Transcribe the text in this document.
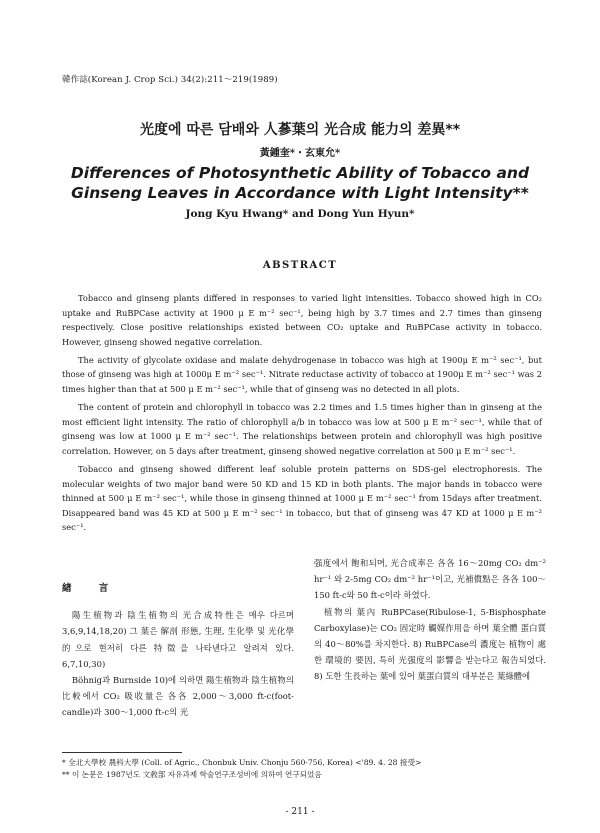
韓作誌(Korean J. Crop Sci.) 34(2):211～219(1989)
光度에 따른 담배와 人蔘葉의 光合成 能力의 差異**
黃鍾奎*・玄東允*
Differences of Photosynthetic Ability of Tobacco and
Ginseng Leaves in Accordance with Light Intensity**
Jong Kyu Hwang* and Dong Yun Hyun*
ABSTRACT

Tobacco and ginseng plants differed in responses to varied light intensities. Tobacco showed high in CO₂ uptake and RuBPCase activity at 1900 μ E m⁻² sec⁻¹, being high by 3.7 times and 2.7 times than ginseng respectively. Close positive relationships existed between CO₂ uptake and RuBPCase activity in tobacco. However, ginseng showed negative correlation.

The activity of glycolate oxidase and malate dehydrogenase in tobacco was high at 1900μ E m⁻² sec⁻¹, but those of ginseng was high at 1000μ E m⁻² sec⁻¹. Nitrate reductase activity of tobacco at 1900μ E m⁻² sec⁻¹ was 2 times higher than that at 500 μ E m⁻² sec⁻¹, while that of ginseng was no detected in all plots.

The content of protein and chlorophyll in tobacco was 2.2 times and 1.5 times higher than in ginseng at the most efficient light intensity. The ratio of chlorophyll a/b in tobacco was low at 500 μ E m⁻² sec⁻¹, while that of ginseng was low at 1000 μ E m⁻² sec⁻¹. The relationships between protein and chlorophyll was high positive correlation. However, on 5 days after treatment, ginseng showed negative correlation at 500 μ E m⁻² sec⁻¹.

Tobacco and ginseng showed different leaf soluble protein patterns on SDS-gel electrophoresis. The molecular weights of two major band were 50 KD and 15 KD in both plants. The major bands in tobacco were thinned at 500 μ E m⁻² sec⁻¹, while those in ginseng thinned at 1000 μ E m⁻² sec⁻¹ from 15days after treatment. Disappeared band was 45 KD at 500 μ E m⁻² sec⁻¹ in tobacco, but that of ginseng was 47 KD at 1000 μ E m⁻² sec⁻¹.

緖 言

陽生植物과 陰生植物의 光合成特性은 매우 다르며 3,6,9,14,18,20) 그 葉은 解剖 形態, 生理, 生化學 및 光化學的으로 현저히 다른 特徵을 나타낸다고 알려져 있다. 6,7,10,30)

Böhnig과 Burnside 10)에 의하면 陽生植物과 陰生植物의 比較에서 CO₂ 吸收量은 各各 2,000～3,000 ft-c(foot-candle)과 300～1,000 ft-c의 光

强度에서 飽和되며, 光合成率은 各各 16～20mg CO₂ dm⁻² hr⁻¹ 와 2-5mg CO₂ dm⁻² hr⁻¹이고, 光補償點은 各各 100～150 ft-c와 50 ft-c이라 하였다.

植物의 葉內 RuBPCase(Ribulose-1, 5-Bisphosphate Carboxylase)는 CO₂ 固定時 觸媒作用을 하며 葉全體 蛋白質의 40～80%를 차지한다. 8) RuBPCase의 濃度는 植物이 處한 環境的 要因, 특히 光强度의 影響을 받는다고 報告되었다. 8) 도한 生長하는 葉에 있어 葉蛋白質의 대부분은 葉綠體에

* 全北大學校 農科大學 (Coll. of Agric., Chonbuk Univ. Chonju 560-756, Korea) <'89. 4. 28 接受>
** 이 논문은 1987년도 文敎部 자유과제 학술연구조성비에 의하여 연구되었음
- 211 -
